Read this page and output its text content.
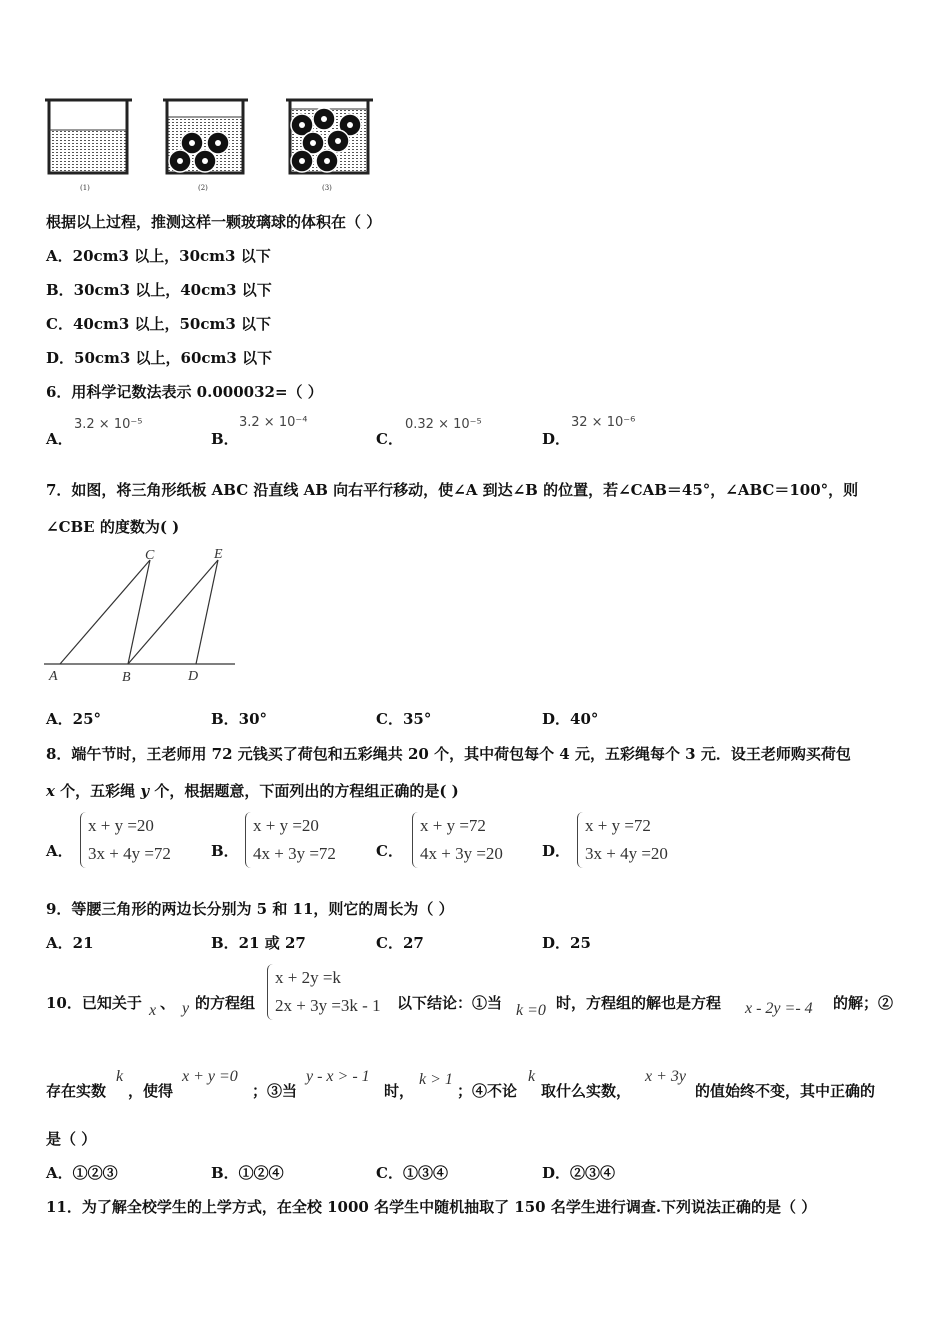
(1)	(2)	(3)
根据以上过程，推测这样一颗玻璃球的体积在（ ）
A．20cm3 以上，30cm3 以下
B．30cm3 以上，40cm3 以下
C．40cm3 以上，50cm3 以下
D．50cm3 以上，60cm3 以下
6．用科学记数法表示 0.000032=（ ）
A．
3.2 × 10⁻⁵
B．
3.2 × 10⁻⁴
C．
0.32 × 10⁻⁵
D．
32 × 10⁻⁶
7．如图，将三角形纸板 ABC 沿直线 AB 向右平行移动，使∠A 到达∠B 的位置，若∠CAB＝45°，∠ABC＝100°，则
∠CBE 的度数为( )
C	E
A	B	D
A．25°	B．30°	C．35°	D．40°
8．端午节时，王老师用 72 元钱买了荷包和五彩绳共 20 个，其中荷包每个 4 元，五彩绳每个 3 元．设王老师购买荷包
x 个，五彩绳 y 个，根据题意，下面列出的方程组正确的是( )
A．
x + y =20
3x + 4y =72	B．
x + y =20
4x + 3y =72	C．
x + y =72
4x + 3y =20	D．
x + y =72
3x + 4y =20
9．等腰三角形的两边长分别为 5 和 11，则它的周长为（ ）
A．21	B．21 或 27	C．27	D．25
10．已知关于 x 、 y 的方程组
x + 2y =k
2x + 3y =3k - 1 以下结论：①当 k =0 时，方程组的解也是方程 x - 2y =- 4 的解；②
存在实数
k
，使得
x + y =0
；③当
y - x > - 1
时，
k > 1
；④不论
k
取什么实数，
x + 3y
的值始终不变，其中正确的
是（ ）
A．①②③	B．①②④	C．①③④	D．②③④
11．为了解全校学生的上学方式，在全校 1000 名学生中随机抽取了 150 名学生进行调查.下列说法正确的是（ ）
